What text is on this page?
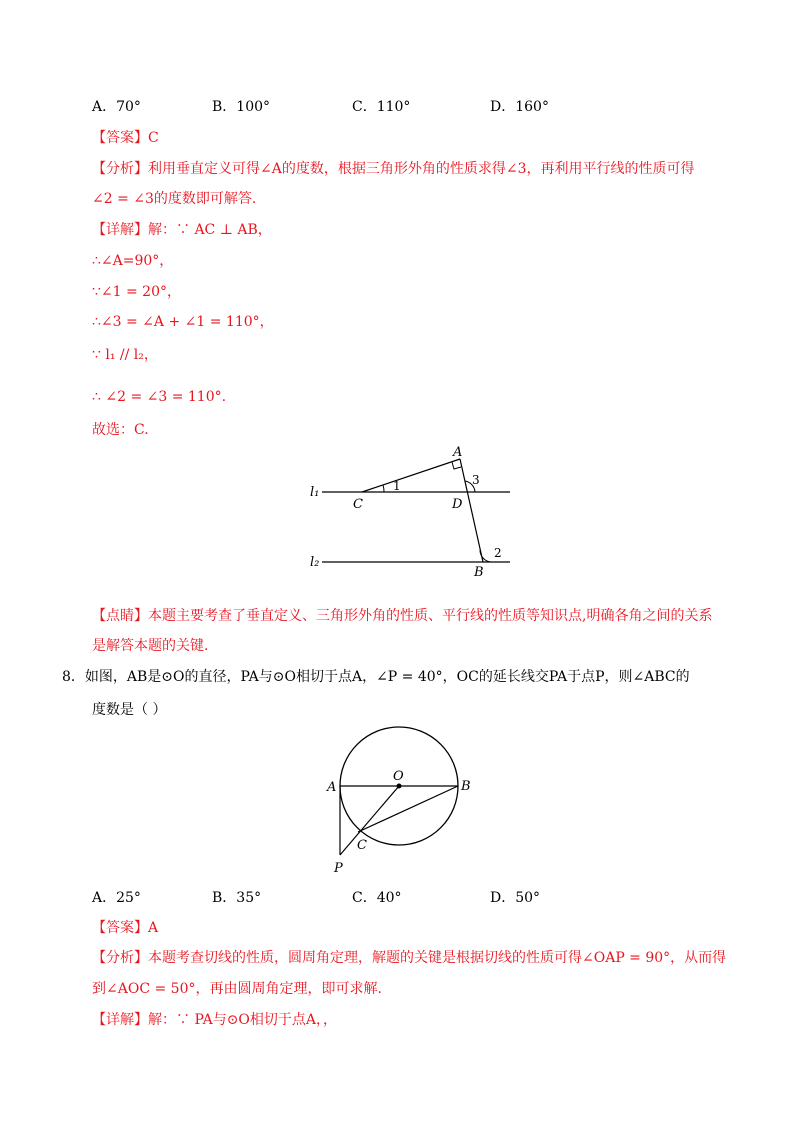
A．70°	B．100°	C．110°	D．160°
【答案】C
【分析】利用垂直定义可得∠A的度数，根据三角形外角的性质求得∠3，再利用平行线的性质可得
∠2 = ∠3的度数即可解答.
【详解】解：∵ AC ⊥ AB，
∴∠A=90°，
∵∠1 = 20°，
∴∠3 = ∠A + ∠1 = 110°，
∵ l₁ // l₂，
∴ ∠2 = ∠3 = 110°.
故选：C.
A
C	D
B
1	3
2
l₁
l₂
【点睛】本题主要考查了垂直定义、三角形外角的性质、平行线的性质等知识点,明确各角之间的关系
是解答本题的关键.
8．如图，AB是⊙O的直径，PA与⊙O相切于点A，∠P = 40°，OC的延长线交PA于点P，则∠ABC的
度数是（ ）
O
A	B
C
P
A．25°	B．35°	C．40°	D．50°
【答案】A
【分析】本题考查切线的性质，圆周角定理，解题的关键是根据切线的性质可得∠OAP = 90°，从而得
到∠AOC = 50°，再由圆周角定理，即可求解.
【详解】解：∵ PA与⊙O相切于点A，，
